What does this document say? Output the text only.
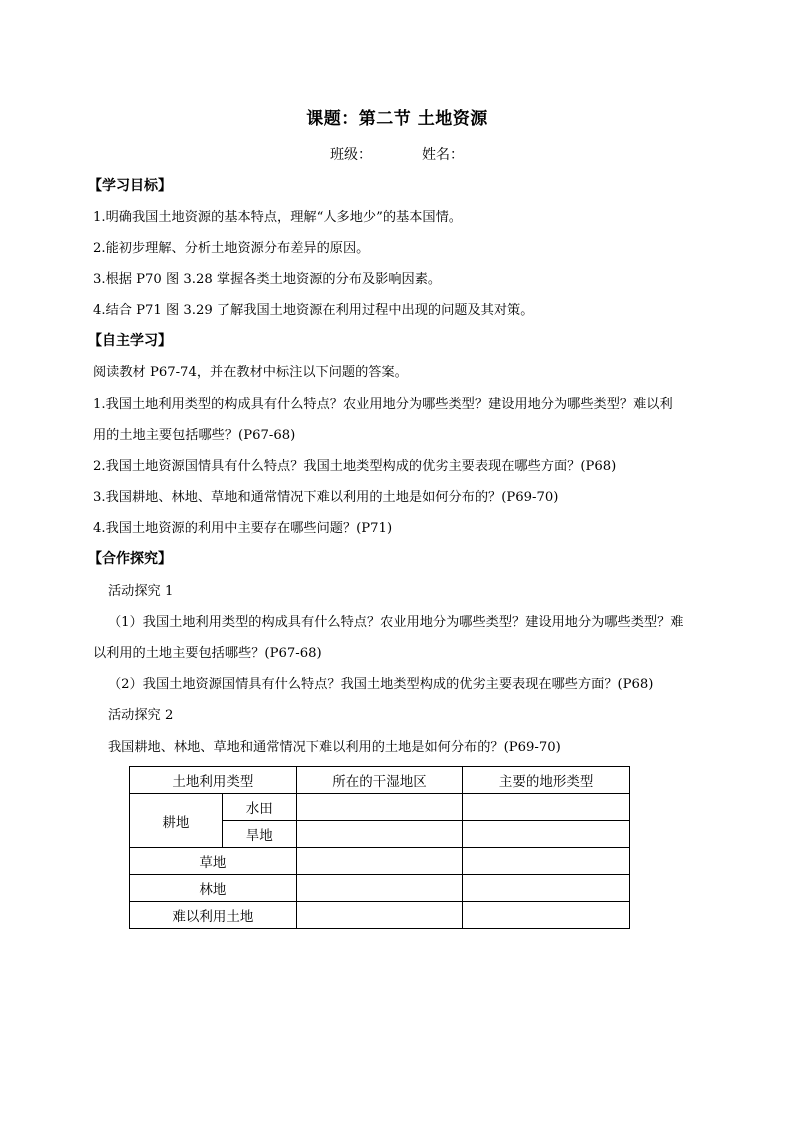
课题：第二节 土地资源
班级：	姓名：
【学习目标】
1.明确我国土地资源的基本特点，理解“人多地少”的基本国情。
2.能初步理解、分析土地资源分布差异的原因。
3.根据 P70 图 3.28 掌握各类土地资源的分布及影响因素。
4.结合 P71 图 3.29 了解我国土地资源在利用过程中出现的问题及其对策。
【自主学习】
阅读教材 P67-74，并在教材中标注以下问题的答案。
1.我国土地利用类型的构成具有什么特点？农业用地分为哪些类型？建设用地分为哪些类型？难以利
用的土地主要包括哪些？(P67-68)
2.我国土地资源国情具有什么特点？我国土地类型构成的优劣主要表现在哪些方面？(P68)
3.我国耕地、林地、草地和通常情况下难以利用的土地是如何分布的？(P69-70)
4.我国土地资源的利用中主要存在哪些问题？(P71)
【合作探究】
活动探究 1
（1）我国土地利用类型的构成具有什么特点？农业用地分为哪些类型？建设用地分为哪些类型？难
以利用的土地主要包括哪些？(P67-68)
（2）我国土地资源国情具有什么特点？我国土地类型构成的优劣主要表现在哪些方面？(P68)
活动探究 2
我国耕地、林地、草地和通常情况下难以利用的土地是如何分布的？(P69-70)
土地利用类型		所在的干湿地区	主要的地形类型
耕地	水田		
	旱地		
草地			
林地			
难以利用土地			
